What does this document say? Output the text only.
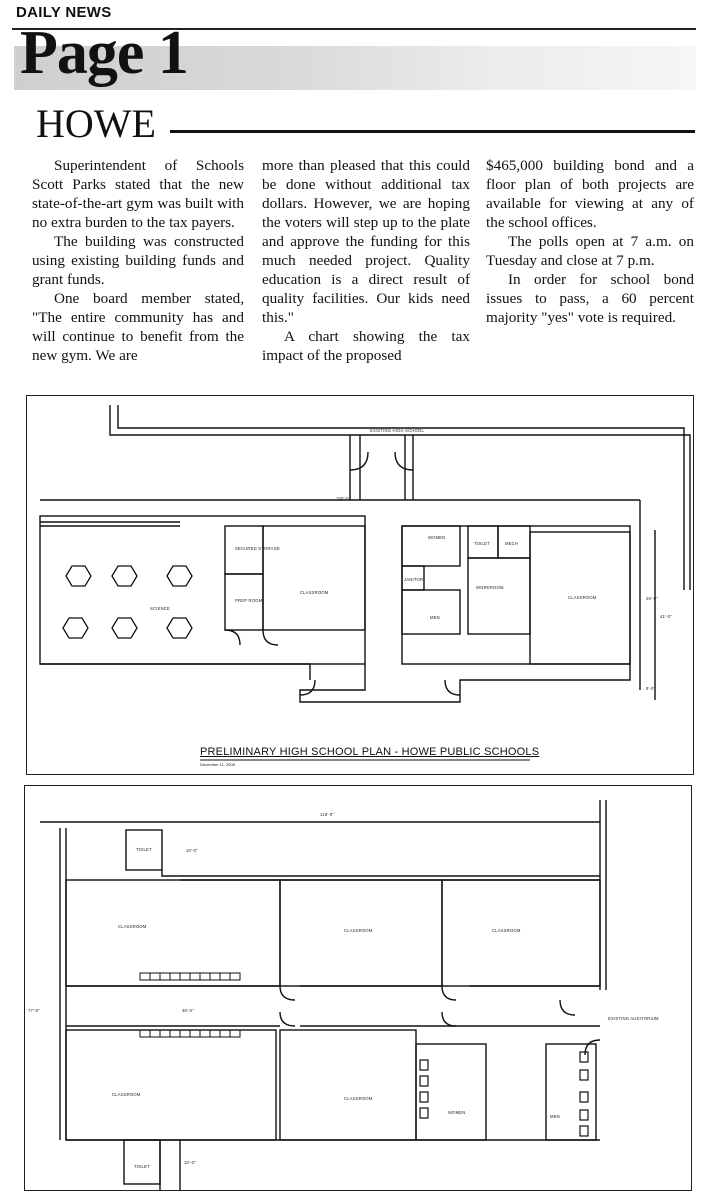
DAILY NEWS
Page 1
HOWE

Superintendent of Schools Scott Parks stated that the new state-of-the-art gym was built with no extra burden to the tax payers.

The building was constructed using existing building funds and grant funds.

One board member stated, "The entire community has and will continue to benefit from the new gym. We are

more than pleased that this could be done without additional tax dollars. However, we are hoping the voters will step up to the plate and approve the funding for this much needed project. Quality education is a direct result of quality facilities. Our kids need this."

A chart showing the tax impact of the proposed

$465,000 building bond and a floor plan of both projects are available for viewing at any of the school offices.

The polls open at 7 a.m. on Tuesday and close at 7 p.m.

In order for school bond issues to pass, a 60 percent majority "yes" vote is required.

EXISTING HIGH SCHOOL
150'-0"
SCIENCE
SECURED STORAGE
PREP ROOM
CLASSROOM
WOMEN
TOILET	MECH
JANITOR
MEN
WORKROOM
CLASSROOM	26'-0"
41'-0"
9'-0"
PRELIMINARY HIGH SCHOOL PLAN - HOWE PUBLIC SCHOOLS
December 11, 2008
116'-0"
TOILET	10'-0"
CLASSROOM
CLASSROOM	CLASSROOM
36'-0"
77'-0"
EXISTING AUDITORIUM
CLASSROOM
CLASSROOM
WOMEN
MEN
TOILET
10'-0"
